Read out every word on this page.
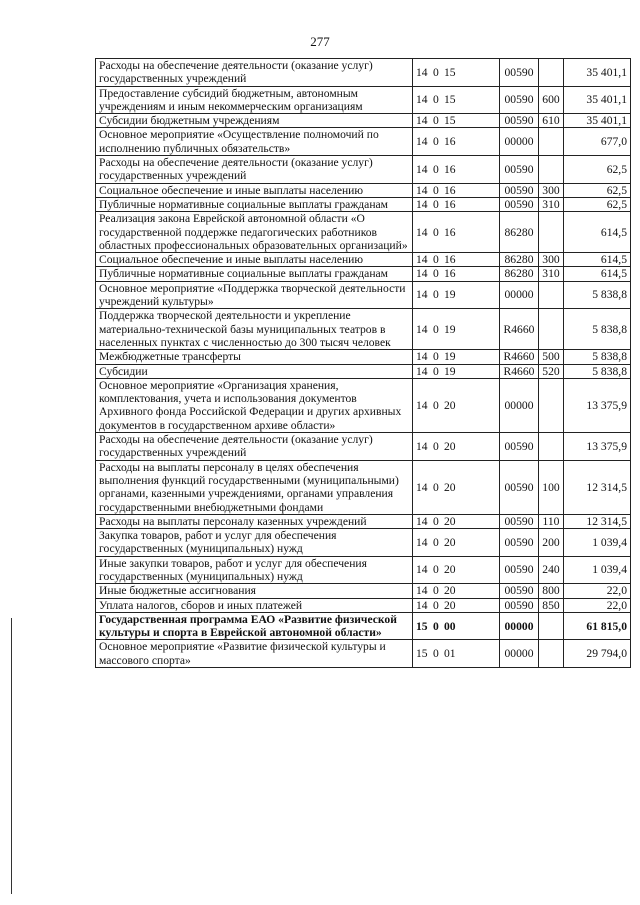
277
Расходы на обеспечение деятельности (оказание услуг) государственных учреждений	14 0 15	00590		35 401,1
Предоставление субсидий бюджетным, автономным учреждениям и иным некоммерческим организациям	14 0 15	00590	600	35 401,1
Субсидии бюджетным учреждениям	14 0 15	00590	610	35 401,1
Основное мероприятие «Осуществление полномочий по исполнению публичных обязательств»	14 0 16	00000		677,0
Расходы на обеспечение деятельности (оказание услуг) государственных учреждений	14 0 16	00590		62,5
Социальное обеспечение и иные выплаты населению	14 0 16	00590	300	62,5
Публичные нормативные социальные выплаты гражданам	14 0 16	00590	310	62,5
Реализация закона Еврейской автономной области «О государственной поддержке педагогических работников областных профессиональных образовательных организаций»	14 0 16	86280		614,5
Социальное обеспечение и иные выплаты населению	14 0 16	86280	300	614,5
Публичные нормативные социальные выплаты гражданам	14 0 16	86280	310	614,5
Основное мероприятие «Поддержка творческой деятельности учреждений культуры»	14 0 19	00000		5 838,8
Поддержка творческой деятельности и укрепление материально-технической базы муниципальных театров в населенных пунктах с численностью до 300 тысяч человек	14 0 19	R4660		5 838,8
Межбюджетные трансферты	14 0 19	R4660	500	5 838,8
Субсидии	14 0 19	R4660	520	5 838,8
Основное мероприятие «Организация хранения, комплектования, учета и использования документов Архивного фонда Российской Федерации и других архивных документов в государственном архиве области»	14 0 20	00000		13 375,9
Расходы на обеспечение деятельности (оказание услуг) государственных учреждений	14 0 20	00590		13 375,9
Расходы на выплаты персоналу в целях обеспечения выполнения функций государственными (муниципальными) органами, казенными учреждениями, органами управления государственными внебюджетными фондами	14 0 20	00590	100	12 314,5
Расходы на выплаты персоналу казенных учреждений	14 0 20	00590	110	12 314,5
Закупка товаров, работ и услуг для обеспечения государственных (муниципальных) нужд	14 0 20	00590	200	1 039,4
Иные закупки товаров, работ и услуг для обеспечения государственных (муниципальных) нужд	14 0 20	00590	240	1 039,4
Иные бюджетные ассигнования	14 0 20	00590	800	22,0
Уплата налогов, сборов и иных платежей	14 0 20	00590	850	22,0
Государственная программа ЕАО «Развитие физической культуры и спорта в Еврейской автономной области»	15 0 00	00000		61 815,0
Основное мероприятие «Развитие физической культуры и массового спорта»	15 0 01	00000		29 794,0
